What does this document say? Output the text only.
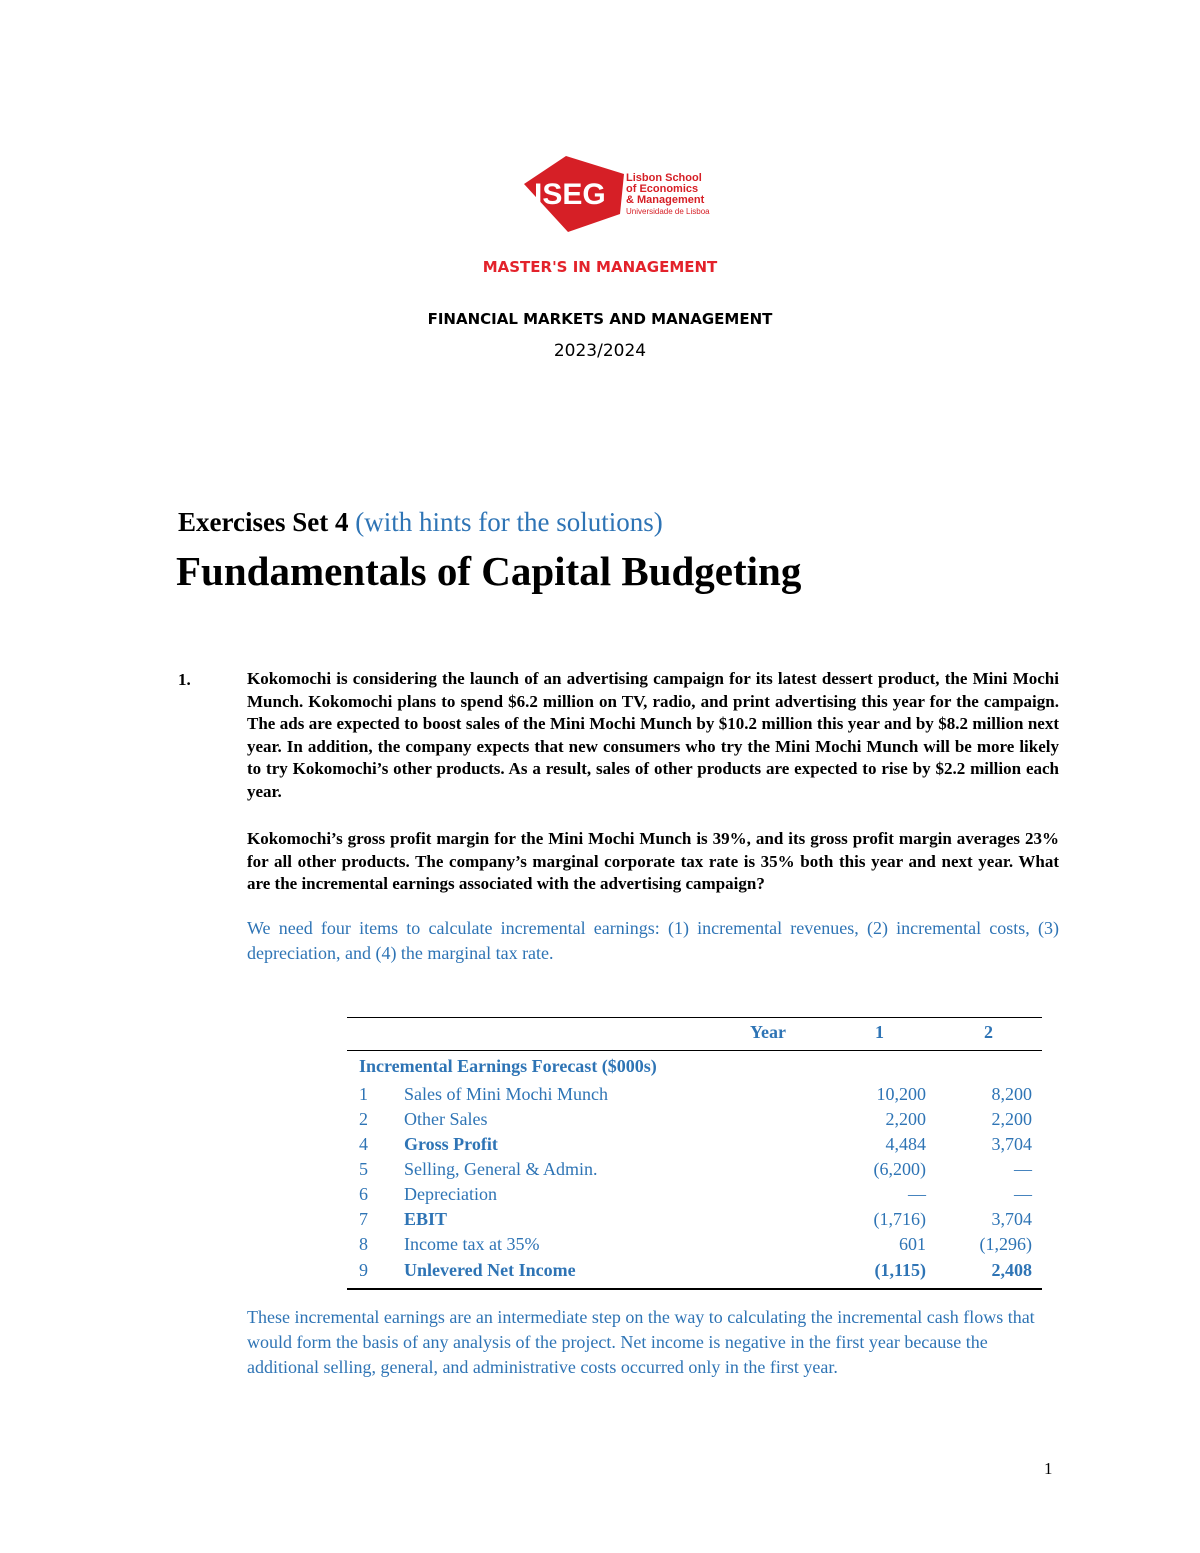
ISEG Lisbon School
of Economics
& Management
Universidade de Lisboa
MASTER'S IN MANAGEMENT
FINANCIAL MARKETS AND MANAGEMENT
2023/2024
Exercises Set 4 (with hints for the solutions)
Fundamentals of Capital Budgeting
1.	Kokomochi is considering the launch of an advertising campaign for its latest dessert product, the Mini Mochi Munch. Kokomochi plans to spend $6.2 million on TV, radio, and print advertising this year for the campaign. The ads are expected to boost sales of the Mini Mochi Munch by $10.2 million this year and by $8.2 million next year. In addition, the company expects that new consumers who try the Mini Mochi Munch will be more likely to try Kokomochi’s other products. As a result, sales of other products are expected to rise by $2.2 million each year.
Kokomochi’s gross profit margin for the Mini Mochi Munch is 39%, and its gross profit margin averages 23% for all other products. The company’s marginal corporate tax rate is 35% both this year and next year. What are the incremental earnings associated with the advertising campaign?
We need four items to calculate incremental earnings: (1) incremental revenues, (2) incremental costs, (3) depreciation, and (4) the marginal tax rate.
Year	1	2
Incremental Earnings Forecast ($000s)
1 Sales of Mini Mochi Munch	10,200	8,200
2 Other Sales	2,200	2,200
4 Gross Profit	4,484	3,704
5 Selling, General & Admin.	(6,200)	—
6 Depreciation	—	—
7 EBIT	(1,716)	3,704
8 Income tax at 35%	601	(1,296)
9 Unlevered Net Income	(1,115)	2,408
These incremental earnings are an intermediate step on the way to calculating the incremental cash flows that would form the basis of any analysis of the project. Net income is negative in the first year because the additional selling, general, and administrative costs occurred only in the first year.
1
